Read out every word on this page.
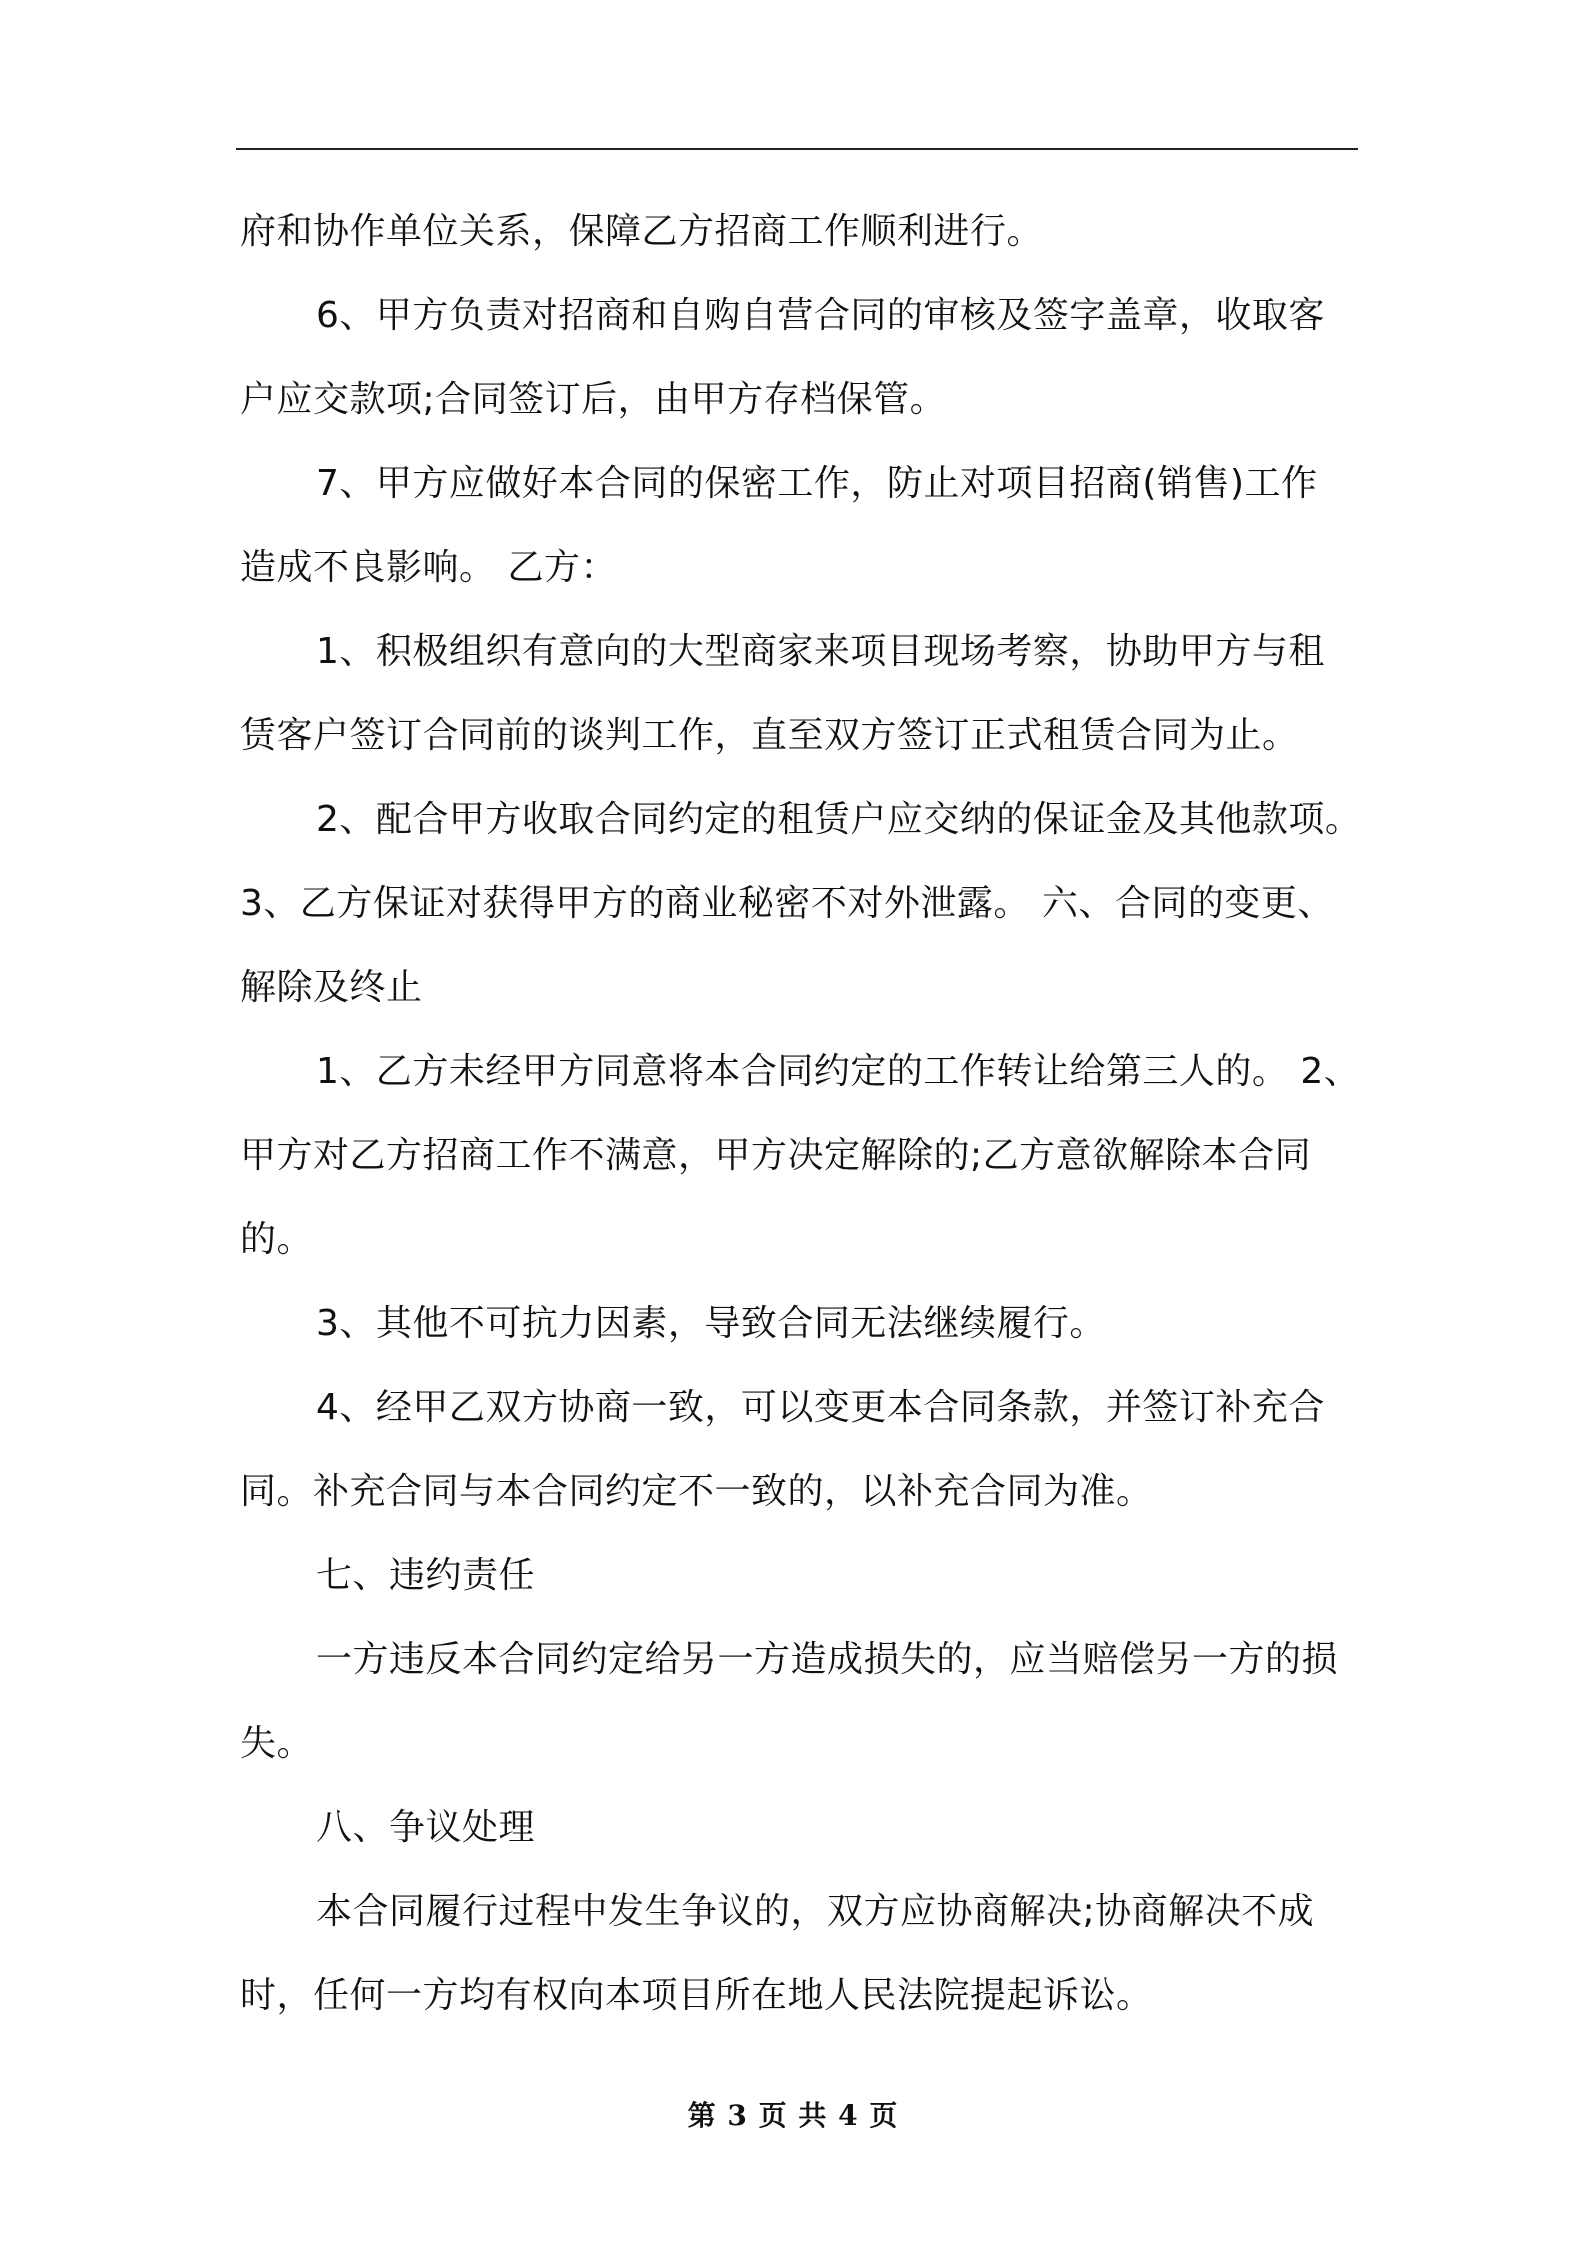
府和协作单位关系，保障乙方招商工作顺利进行。

6、甲方负责对招商和自购自营合同的审核及签字盖章，收取客

户应交款项;合同签订后，由甲方存档保管。

7、甲方应做好本合同的保密工作，防止对项目招商(销售)工作

造成不良影响。 乙方：

1、积极组织有意向的大型商家来项目现场考察，协助甲方与租

赁客户签订合同前的谈判工作，直至双方签订正式租赁合同为止。

2、配合甲方收取合同约定的租赁户应交纳的保证金及其他款项。

3、乙方保证对获得甲方的商业秘密不对外泄露。 六、合同的变更、

解除及终止

1、乙方未经甲方同意将本合同约定的工作转让给第三人的。 2、

甲方对乙方招商工作不满意，甲方决定解除的;乙方意欲解除本合同

的。

3、其他不可抗力因素，导致合同无法继续履行。

4、经甲乙双方协商一致，可以变更本合同条款，并签订补充合

同。补充合同与本合同约定不一致的，以补充合同为准。

七、违约责任

一方违反本合同约定给另一方造成损失的，应当赔偿另一方的损

失。

八、争议处理

本合同履行过程中发生争议的，双方应协商解决;协商解决不成

时，任何一方均有权向本项目所在地人民法院提起诉讼。

第 3 页 共 4 页
